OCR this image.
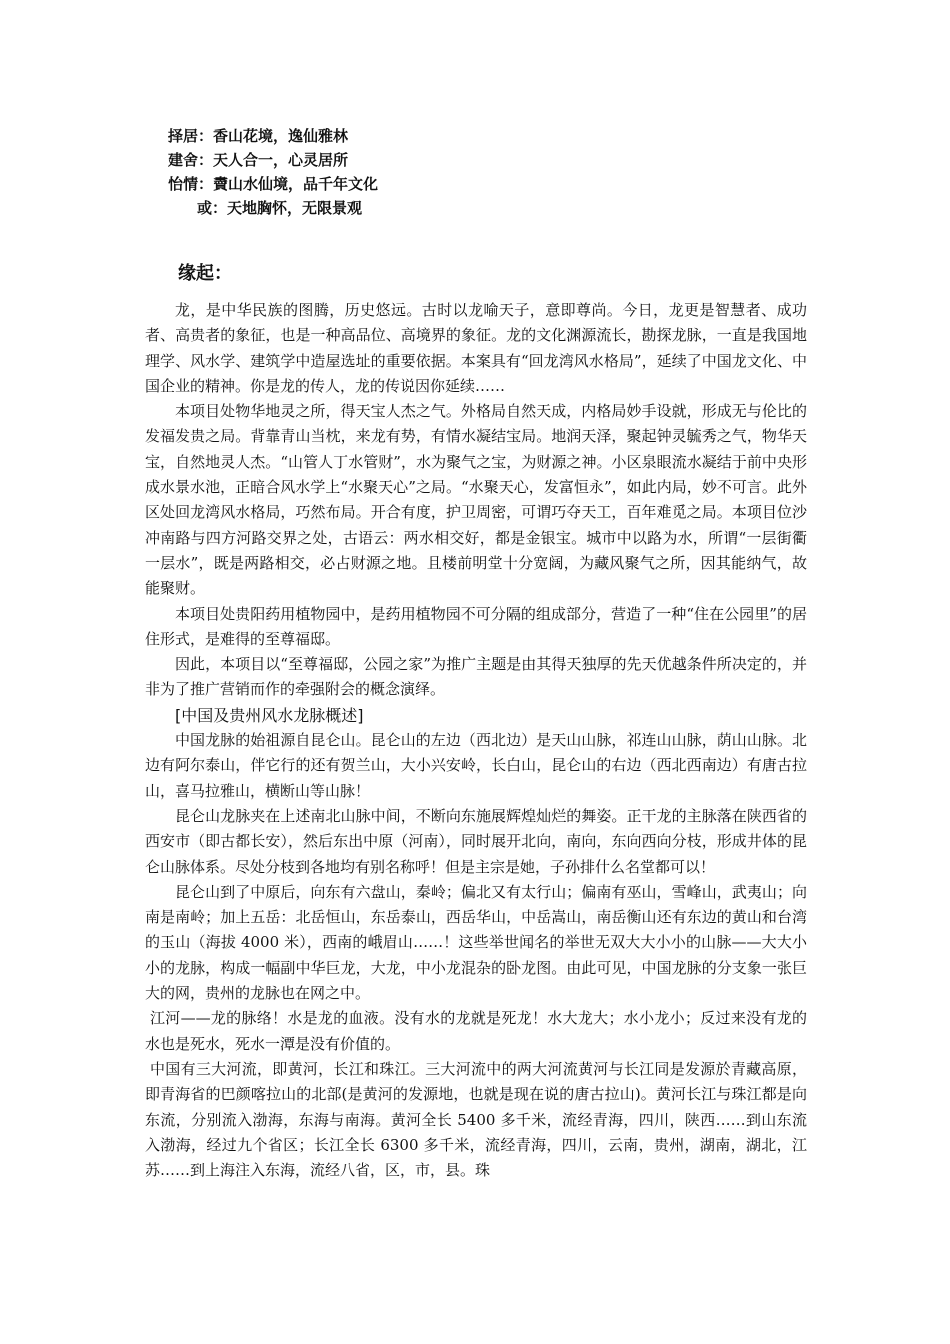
择居：香山花境，逸仙雅林
建舍：天人合一，心灵居所
怡情：賮山水仙境，品千年文化
或：天地胸怀，无限景观
缘起：

龙，是中华民族的图腾，历史悠远。古时以龙喻天子，意即尊尚。今日，龙更是智慧者、成功者、高贵者的象征，也是一种高品位、高境界的象征。龙的文化渊源流长，勘探龙脉，一直是我国地理学、风水学、建筑学中造屋选址的重要依据。本案具有“回龙湾风水格局”，延续了中国龙文化、中国企业的精神。你是龙的传人，龙的传说因你延续……

本项目处物华地灵之所，得天宝人杰之气。外格局自然天成，内格局妙手设就，形成无与伦比的发福发贵之局。背靠青山当枕，来龙有势，有情水凝结宝局。地润天泽，聚起钟灵毓秀之气，物华天宝，自然地灵人杰。“山管人丁水管财”，水为聚气之宝，为财源之神。小区泉眼流水凝结于前中央形成水景水池，正暗合风水学上“水聚天心”之局。“水聚天心，发富恒永”，如此内局，妙不可言。此外区处回龙湾风水格局，巧然布局。开合有度，护卫周密，可谓巧夺天工，百年难觅之局。本项目位沙冲南路与四方河路交界之处，古语云：两水相交好，都是金银宝。城市中以路为水，所谓“一层街衢一层水”，既是两路相交，必占财源之地。且楼前明堂十分宽阔，为藏风聚气之所，因其能纳气，故能聚财。

本项目处贵阳药用植物园中，是药用植物园不可分隔的组成部分，营造了一种“住在公园里”的居住形式，是难得的至尊福邸。

因此，本项目以“至尊福邸，公园之家”为推广主题是由其得天独厚的先天优越条件所决定的，并非为了推广营销而作的牵强附会的概念演绎。

[中国及贵州风水龙脉概述]

中国龙脉的始祖源自昆仑山。昆仑山的左边（西北边）是天山山脉，祁连山山脉，荫山山脉。北边有阿尔泰山，伴它行的还有贺兰山，大小兴安岭，长白山，昆仑山的右边（西北西南边）有唐古拉山，喜马拉雅山，横断山等山脉！

昆仑山龙脉夹在上述南北山脉中间，不断向东施展辉煌灿烂的舞姿。正干龙的主脉落在陕西省的西安市（即古都长安），然后东出中原（河南），同时展开北向，南向，东向西向分枝，形成井体的昆仑山脉体系。尽处分枝到各地均有别名称呼！但是主宗是她，子孙排什么名堂都可以！

昆仑山到了中原后，向东有六盘山，秦岭；偏北又有太行山；偏南有巫山，雪峰山，武夷山；向南是南岭；加上五岳：北岳恒山，东岳泰山，西岳华山，中岳嵩山，南岳衡山还有东边的黄山和台湾的玉山（海拔 4000 米），西南的峨眉山……！这些举世闻名的举世无双大大小小的山脉——大大小小的龙脉，构成一幅副中华巨龙，大龙，中小龙混杂的卧龙图。由此可见，中国龙脉的分支象一张巨大的网，贵州的龙脉也在网之中。

江河——龙的脉络！水是龙的血液。没有水的龙就是死龙！水大龙大；水小龙小；反过来没有龙的水也是死水，死水一潭是没有价值的。

中国有三大河流，即黄河，长江和珠江。三大河流中的两大河流黄河与长江同是发源於青藏高原，即青海省的巴颜喀拉山的北部(是黄河的发源地，也就是现在说的唐古拉山)。黄河长江与珠江都是向东流，分别流入渤海，东海与南海。黄河全长 5400 多千米，流经青海，四川，陕西……到山东流入渤海，经过九个省区；长江全长 6300 多千米，流经青海，四川，云南，贵州，湖南，湖北，江苏……到上海注入东海，流经八省，区，市，县。珠
